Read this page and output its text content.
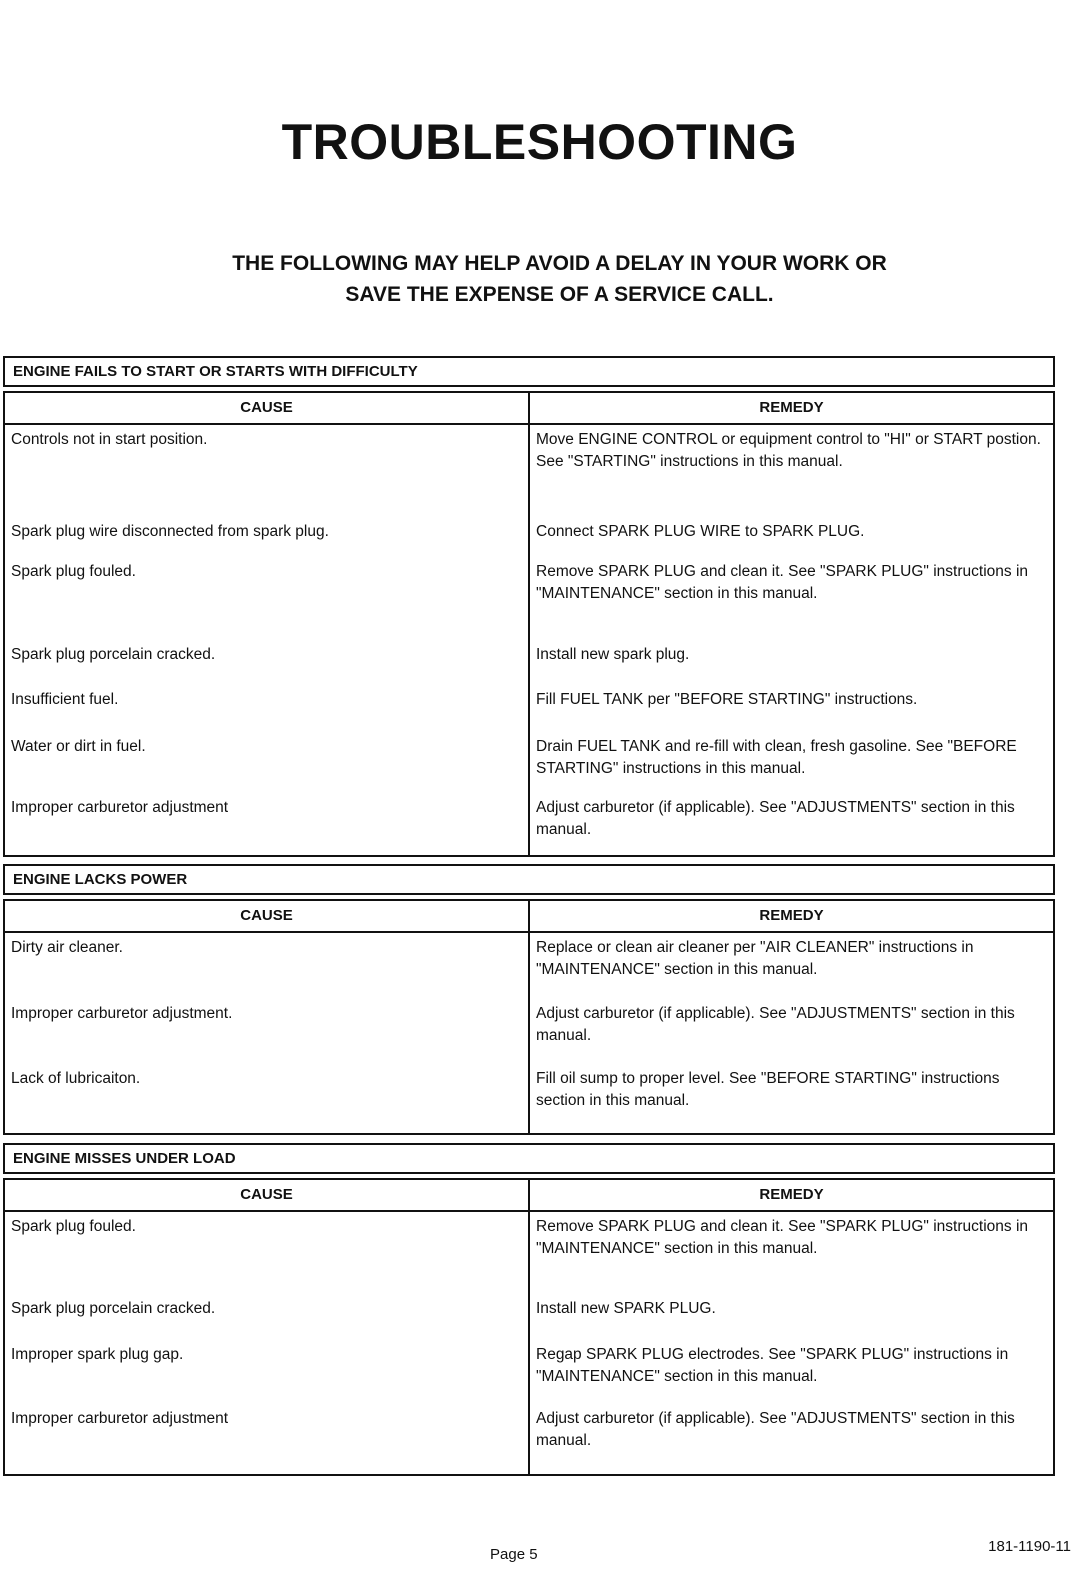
TROUBLESHOOTING
THE FOLLOWING MAY HELP AVOID A DELAY IN YOUR WORK OR
SAVE THE EXPENSE OF A SERVICE CALL.
ENGINE FAILS TO START OR STARTS WITH DIFFICULTY
CAUSE	REMEDY
Controls not in start position.	Move ENGINE CONTROL or equipment control to "HI" or START postion. See "STARTING" instructions in this manual.
Spark plug wire disconnected from spark plug.	Connect SPARK PLUG WIRE to SPARK PLUG.
Spark plug fouled.	Remove SPARK PLUG and clean it. See "SPARK PLUG" instructions in "MAINTENANCE" section in this manual.
Spark plug porcelain cracked.	Install new spark plug.
Insufficient fuel.	Fill FUEL TANK per "BEFORE STARTING" instructions.
Water or dirt in fuel.	Drain FUEL TANK and re-fill with clean, fresh gasoline. See "BEFORE STARTING" instructions in this manual.
Improper carburetor adjustment	Adjust carburetor (if applicable). See "ADJUSTMENTS" section in this manual.
ENGINE LACKS POWER
CAUSE	REMEDY
Dirty air cleaner.	Replace or clean air cleaner per "AIR CLEANER" instructions in "MAINTENANCE" section in this manual.
Improper carburetor adjustment.	Adjust carburetor (if applicable). See "ADJUSTMENTS" section in this manual.
Lack of lubricaiton.	Fill oil sump to proper level. See "BEFORE STARTING" instructions section in this manual.
ENGINE MISSES UNDER LOAD
CAUSE	REMEDY
Spark plug fouled.	Remove SPARK PLUG and clean it. See "SPARK PLUG" instructions in "MAINTENANCE" section in this manual.
Spark plug porcelain cracked.	Install new SPARK PLUG.
Improper spark plug gap.	Regap SPARK PLUG electrodes. See "SPARK PLUG" instructions in "MAINTENANCE" section in this manual.
Improper carburetor adjustment	Adjust carburetor (if applicable). See "ADJUSTMENTS" section in this manual.
Page 5	181-1190-11
